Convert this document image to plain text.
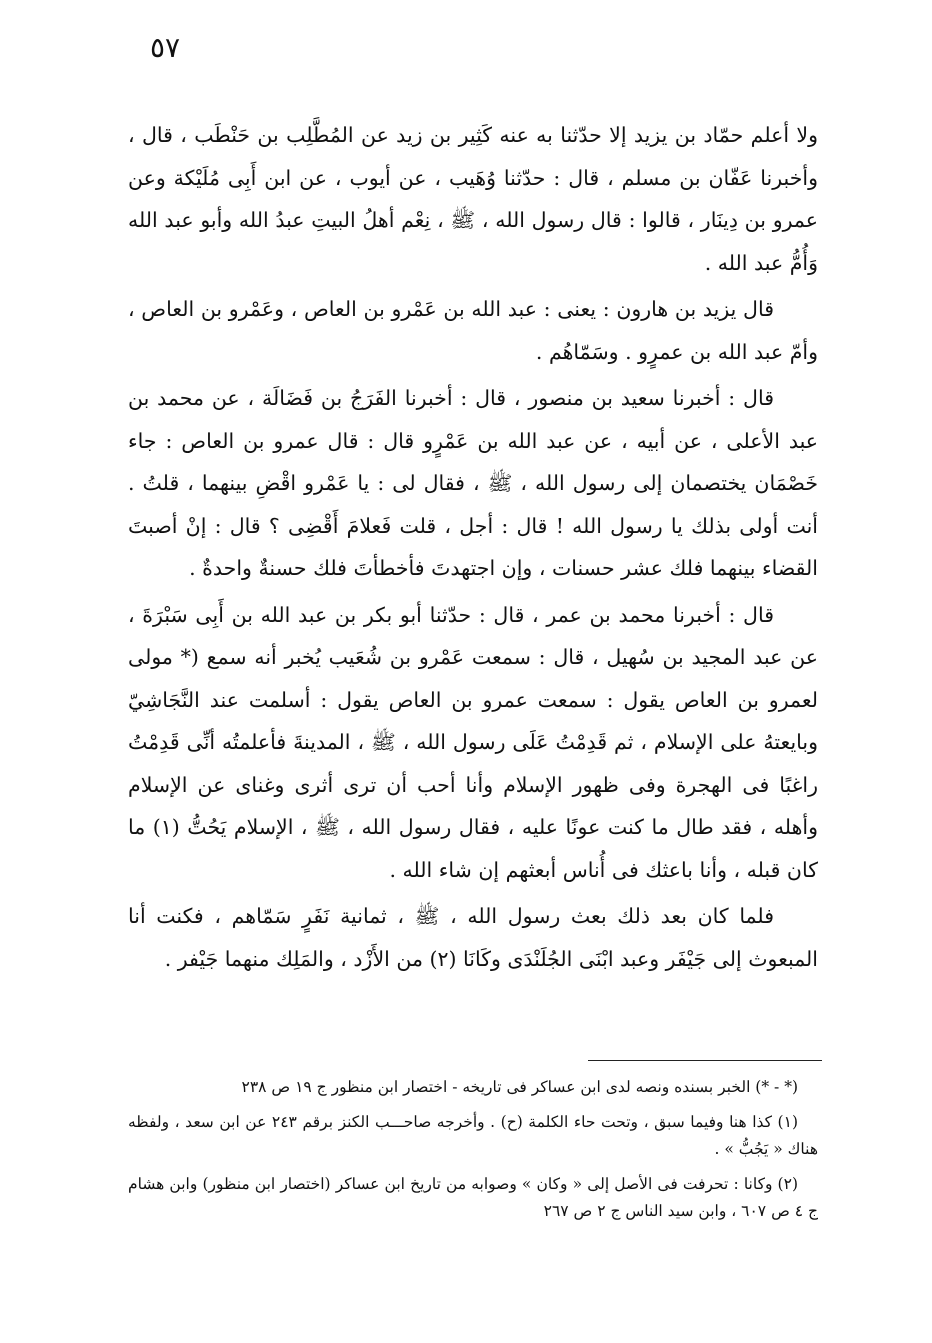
٥٧

ولا أعلم حمّاد بن يزيد إلا حدّثنا به عنه كَثِير بن زيد عن المُطَّلِب بن حَنْطَب ، قال ، وأخبرنا عَفّان بن مسلم ، قال : حدّثنا وُهَيب ، عن أيوب ، عن ابن أَبِى مُلَيْكة وعن عمرو بن دِينَار ، قالوا : قال رسول الله ، ﷺ ، نِعْم أهلُ البيتِ عبدُ الله وأبو عبد الله وَأُمُّ عبد الله .

قال يزيد بن هارون : يعنى : عبد الله بن عَمْرو بن العاص ، وعَمْرو بن العاص ، وأمّ عبد الله بن عمرٍو . وسَمّاهُم .

قال : أخبرنا سعيد بن منصور ، قال : أخبرنا الفَرَجُ بن فَضَالَة ، عن محمد بن عبد الأعلى ، عن أبيه ، عن عبد الله بن عَمْرٍو قال : قال عمرو بن العاص : جاء خَصْمَان يختصمان إلى رسول الله ، ﷺ ، فقال لى : يا عَمْرو اقْضِ بينهما ، قلتُ . أنت أولى بذلك يا رسول الله ! قال : أجل ، قلت فَعلامَ أَقْضِى ؟ قال : إنْ أصبتَ القضاء بينهما فلك عشر حسنات ، وإن اجتهدتَ فأخطأتَ فلك حسنةٌ واحدةٌ .

قال : أخبرنا محمد بن عمر ، قال : حدّثنا أبو بكر بن عبد الله بن أَبِى سَبْرَةَ ، عن عبد المجيد بن سُهيل ، قال : سمعت عَمْرو بن شُعَيب يُخبر أنه سمع (* مولى لعمرو بن العاص يقول : سمعت عمرو بن العاص يقول : أسلمت عند النَّجَاشِيّ وبايعتهُ على الإسلام ، ثم قَدِمْتُ عَلَى رسول الله ، ﷺ ، المدينةَ فأعلمتُه أنِّى قَدِمْتُ راغبًا فى الهجرة وفى ظهور الإسلام وأنا أحب أن ترى أثرى وغناى عن الإسلام وأهله ، فقد طال ما كنت عونًا عليه ، فقال رسول الله ، ﷺ ، الإسلام يَحُتُّ (١) ما كان قبله ، وأنا باعثك فى أُناس أبعثهم إن شاء الله .

فلما كان بعد ذلك بعث رسول الله ، ﷺ ، ثمانية نَفَرٍ سَمّاهم ، فكنت أنا المبعوث إلى جَيْفَر وعبد ابْنَى الجُلَنْدَى وكَانَا (٢) من الأَزْد ، والمَلِك منهما جَيْفر .

(* - *) الخبر بسنده ونصه لدى ابن عساكر فى تاريخه - اختصار ابن منظور ج ١٩ ص ٢٣٨

(١) كذا هنا وفيما سبق ، وتحت حاء الكلمة (ح) . وأخرجه صاحـــب الكنز برقم ٢٤٣ عن ابن سعد ، ولفظه هناك « يَجُبُّ » .

(٢) وكانا : تحرفت فى الأصل إلى « وكان » وصوابه من تاريخ ابن عساكر (اختصار ابن منظور) وابن هشام ج ٤ ص ٦٠٧ ، وابن سيد الناس ج ٢ ص ٢٦٧
